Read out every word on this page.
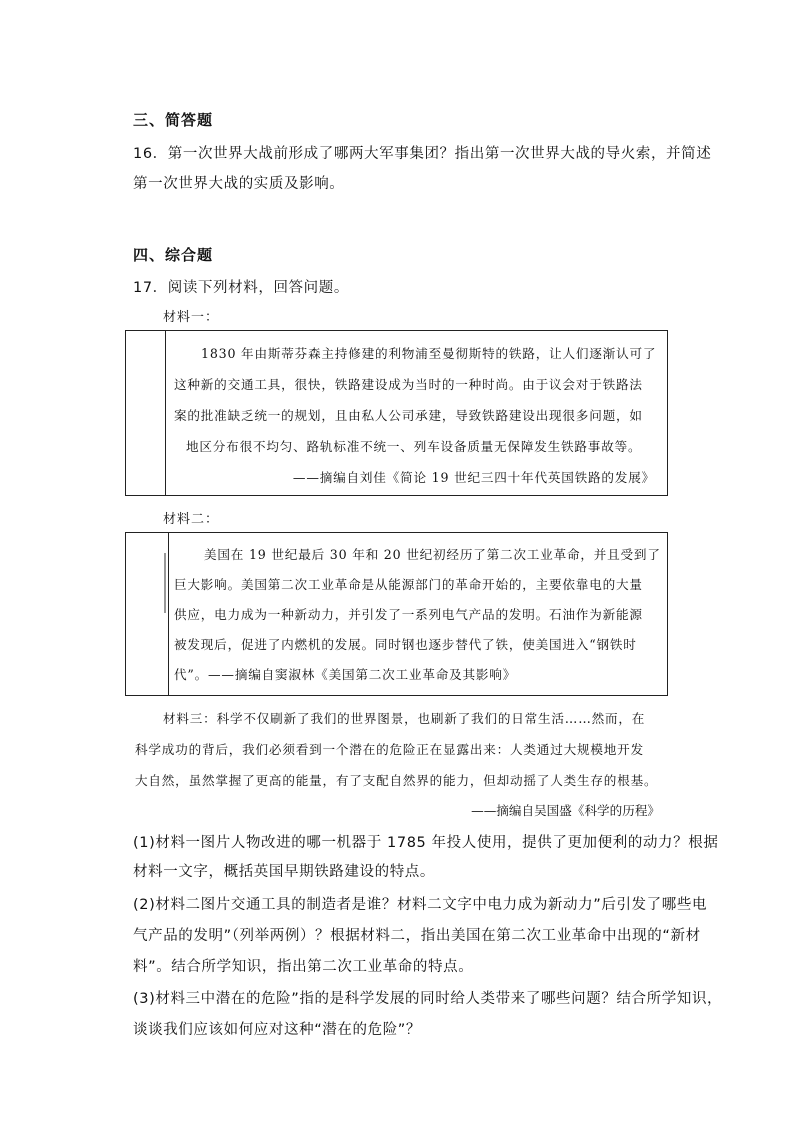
三、简答题
16．第一次世界大战前形成了哪两大军事集团？指出第一次世界大战的导火索，并简述
第一次世界大战的实质及影响。
四、综合题
17．阅读下列材料，回答问题。
材料一：
1830 年由斯蒂芬森主持修建的利物浦至曼彻斯特的铁路，让人们逐渐认可了
这种新的交通工具，很快，铁路建设成为当时的一种时尚。由于议会对于铁路法
案的批准缺乏统一的规划，且由私人公司承建，导致铁路建设出现很多问题，如
地区分布很不均匀、路轨标准不统一、列车设备质量无保障发生铁路事故等。
——摘编自刘佳《简论 19 世纪三四十年代英国铁路的发展》
材料二：
美国在 19 世纪最后 30 年和 20 世纪初经历了第二次工业革命，并且受到了
巨大影响。美国第二次工业革命是从能源部门的革命开始的，主要依靠电的大量
供应，电力成为一种新动力，并引发了一系列电气产品的发明。石油作为新能源
被发现后，促进了内燃机的发展。同时钢也逐步替代了铁，使美国进入“钢铁时
代”。——摘编自窦淑林《美国第二次工业革命及其影响》
材料三：科学不仅刷新了我们的世界图景，也刷新了我们的日常生活……然而，在
科学成功的背后，我们必须看到一个潜在的危险正在显露出来：人类通过大规模地开发
大自然，虽然掌握了更高的能量，有了支配自然界的能力，但却动摇了人类生存的根基。
——摘编自吴国盛《科学的历程》
(1)材料一图片人物改进的哪一机器于 1785 年投人使用，提供了更加便利的动力？根据
材料一文字，概括英国早期铁路建设的特点。
(2)材料二图片交通工具的制造者是谁？材料二文字中电力成为新动力”后引发了哪些电
气产品的发明”（列举两例）？根据材料二，指出美国在第二次工业革命中出现的“新材
料”。结合所学知识，指出第二次工业革命的特点。
(3)材料三中潜在的危险”指的是科学发展的同时给人类带来了哪些问题？结合所学知识，
谈谈我们应该如何应对这种“潜在的危险”？
